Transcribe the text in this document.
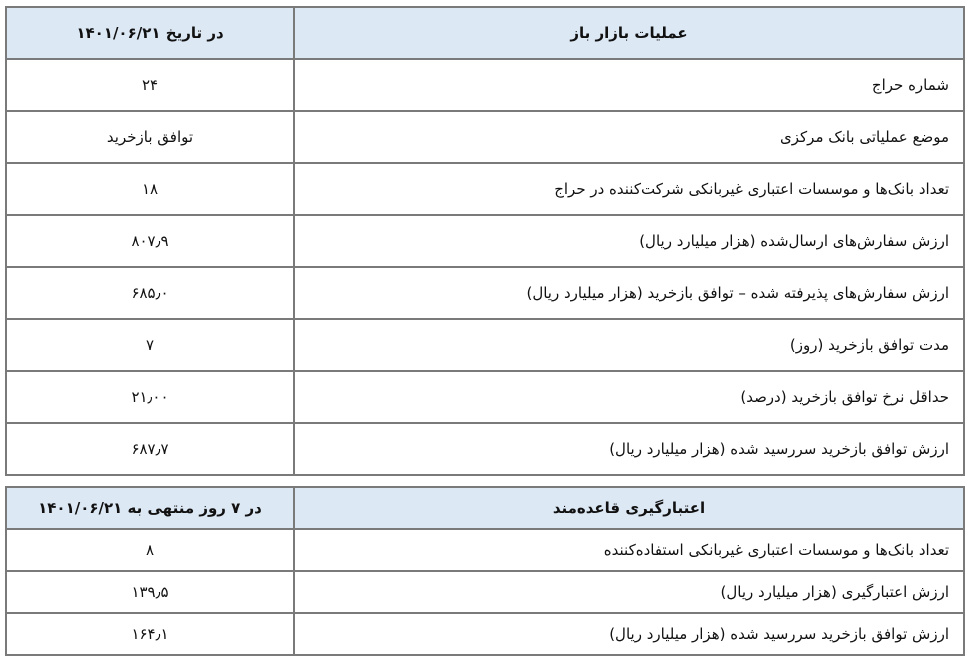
عملیات بازار باز	در تاریخ ۱۴۰۱/۰۶/۲۱
شماره حراج	۲۴
موضع عملیاتی بانک مرکزی	توافق بازخرید
تعداد بانک‌ها و موسسات اعتباری غیربانکی شرکت‌کننده در حراج	۱۸
ارزش سفارش‌های ارسال‌شده (هزار میلیارد ریال)	۸۰۷٫۹
ارزش سفارش‌های پذیرفته شده – توافق بازخرید (هزار میلیارد ریال)	۶۸۵٫۰
مدت توافق بازخرید (روز)	۷
حداقل نرخ توافق بازخرید (درصد)	۲۱٫۰۰
ارزش توافق بازخرید سررسید شده (هزار میلیارد ریال)	۶۸۷٫۷
اعتبارگیری قاعده‌مند	در ۷ روز منتهی به ۱۴۰۱/۰۶/۲۱
تعداد بانک‌ها و موسسات اعتباری غیربانکی استفاده‌کننده	۸
ارزش اعتبارگیری (هزار میلیارد ریال)	۱۳۹٫۵
ارزش توافق بازخرید سررسید شده (هزار میلیارد ریال)	۱۶۴٫۱
